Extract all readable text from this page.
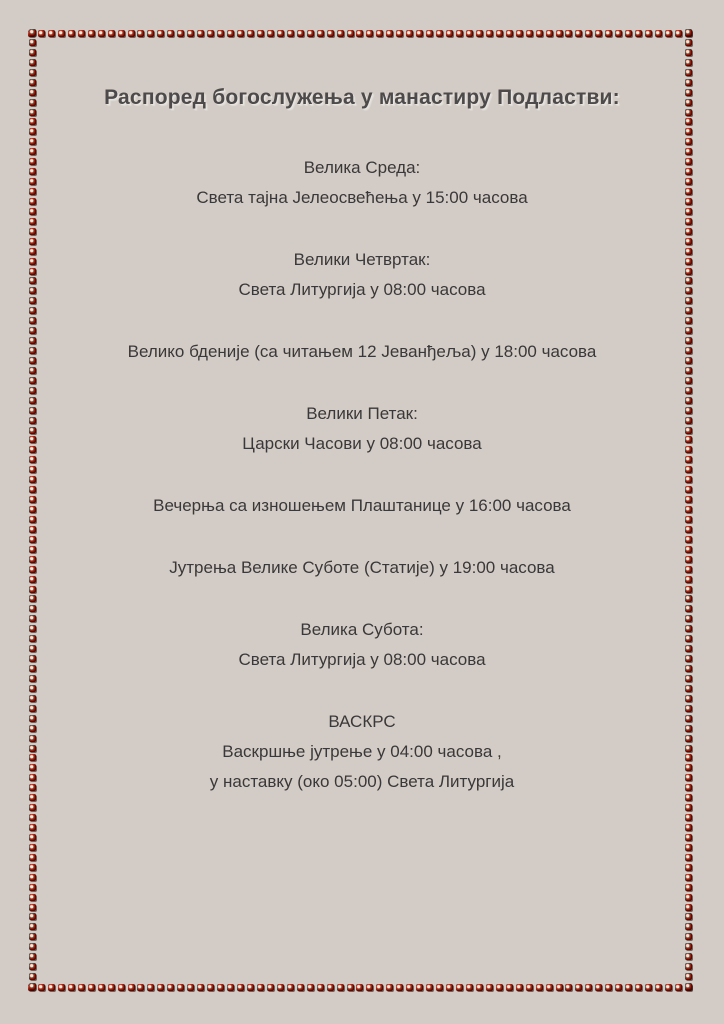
Распоред богослужења у манастиру Подластви:

Велика Среда:

Света тајна Јелеосвећења у 15:00 часова

Велики Четвртак:

Света Литургија у 08:00 часова

Велико бденије (са читањем 12 Јеванђеља) у 18:00 часова

Велики Петак:

Царски Часови у 08:00 часова

Вечерња са изношењем Плаштанице у 16:00 часова

Јутрења Велике Суботе (Статије) у 19:00 часова

Велика Субота:

Света Литургија у 08:00 часова

ВАСКРС

Васкршње јутрење у 04:00 часова ,

у наставку (око 05:00) Света Литургија
